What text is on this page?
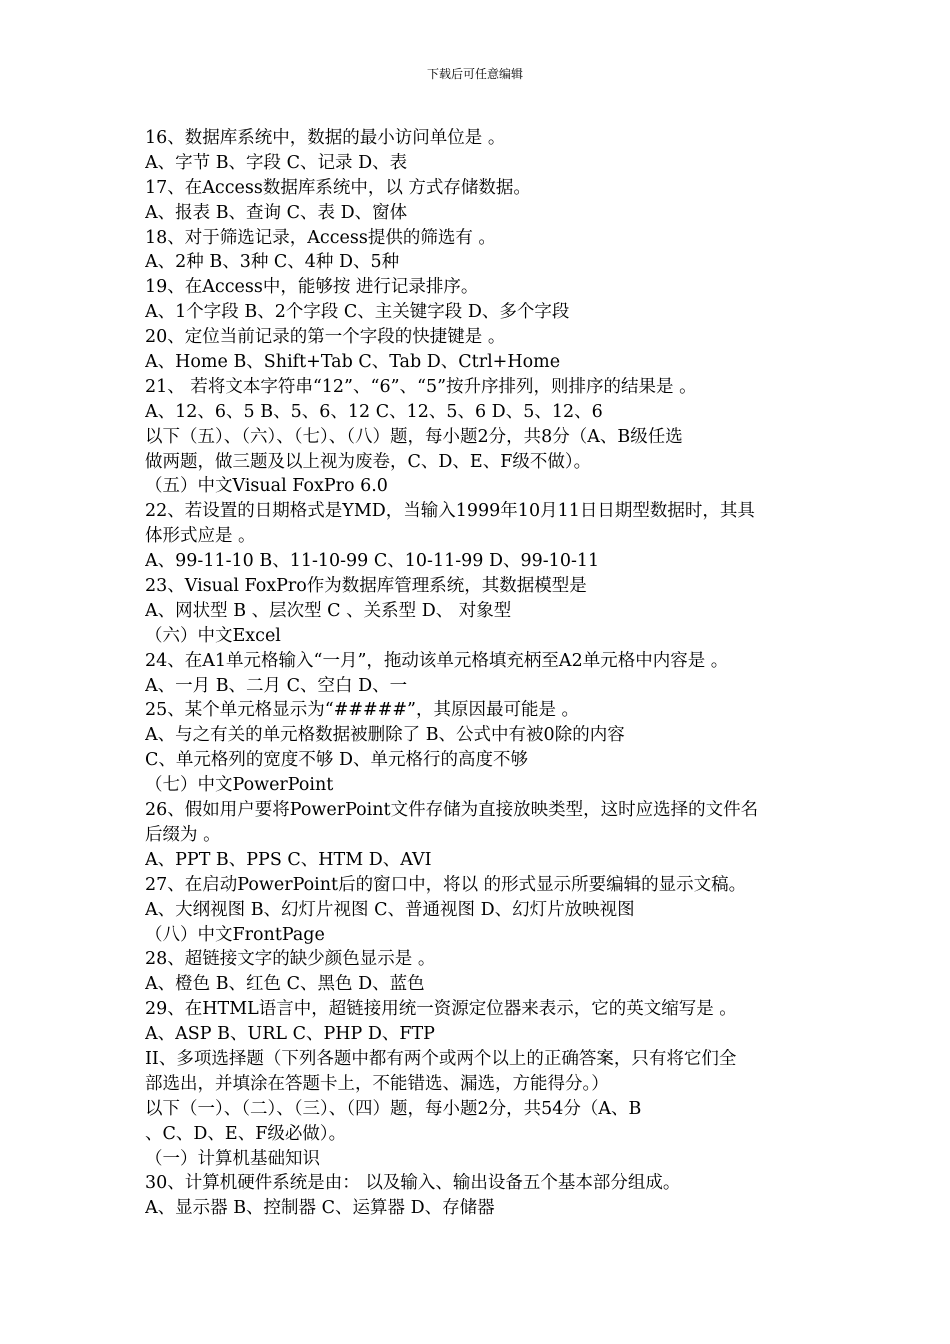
下载后可任意编辑
16、数据库系统中，数据的最小访问单位是 。
A、字节 B、字段 C、记录 D、表
17、在Access数据库系统中，以 方式存储数据。
A、报表 B、查询 C、表 D、窗体
18、对于筛选记录，Access提供的筛选有 。
A、2种 B、3种 C、4种 D、5种
19、在Access中，能够按 进行记录排序。
A、1个字段 B、2个字段 C、主关键字段 D、多个字段
20、定位当前记录的第一个字段的快捷键是 。
A、Home B、Shift+Tab C、Tab D、Ctrl+Home
21、 若将文本字符串“12”、“6”、“5”按升序排列，则排序的结果是 。
A、12、6、5 B、5、6、12 C、12、5、6 D、5、12、6
以下（五）、（六）、（七）、（八）题，每小题2分，共8分（A、B级任选
做两题，做三题及以上视为废卷，C、D、E、F级不做）。
（五）中文Visual FoxPro 6.0
22、若设置的日期格式是YMD，当输入1999年10月11日日期型数据时，其具
体形式应是 。
A、99-11-10 B、11-10-99 C、10-11-99 D、99-10-11
23、Visual FoxPro作为数据库管理系统，其数据模型是
A、网状型 B 、层次型 C 、关系型 D、 对象型
（六）中文Excel
24、在A1单元格输入“一月”，拖动该单元格填充柄至A2单元格中内容是 。
A、一月 B、二月 C、空白 D、一
25、某个单元格显示为“#####”，其原因最可能是 。
A、与之有关的单元格数据被删除了 B、公式中有被0除的内容
C、单元格列的宽度不够 D、单元格行的高度不够
（七）中文PowerPoint
26、假如用户要将PowerPoint文件存储为直接放映类型，这时应选择的文件名
后缀为 。
A、PPT B、PPS C、HTM D、AVI
27、在启动PowerPoint后的窗口中，将以 的形式显示所要编辑的显示文稿。
A、大纲视图 B、幻灯片视图 C、普通视图 D、幻灯片放映视图
（八）中文FrontPage
28、超链接文字的缺少颜色显示是 。
A、橙色 B、红色 C、黑色 D、蓝色
29、在HTML语言中，超链接用统一资源定位器来表示，它的英文缩写是 。
A、ASP B、URL C、PHP D、FTP
II、多项选择题（下列各题中都有两个或两个以上的正确答案，只有将它们全
部选出，并填涂在答题卡上，不能错选、漏选，方能得分。）
以下（一）、（二）、（三）、（四）题，每小题2分，共54分（A、B
、C、D、E、F级必做）。
（一）计算机基础知识
30、计算机硬件系统是由： 以及输入、输出设备五个基本部分组成。
A、显示器 B、控制器 C、运算器 D、存储器
